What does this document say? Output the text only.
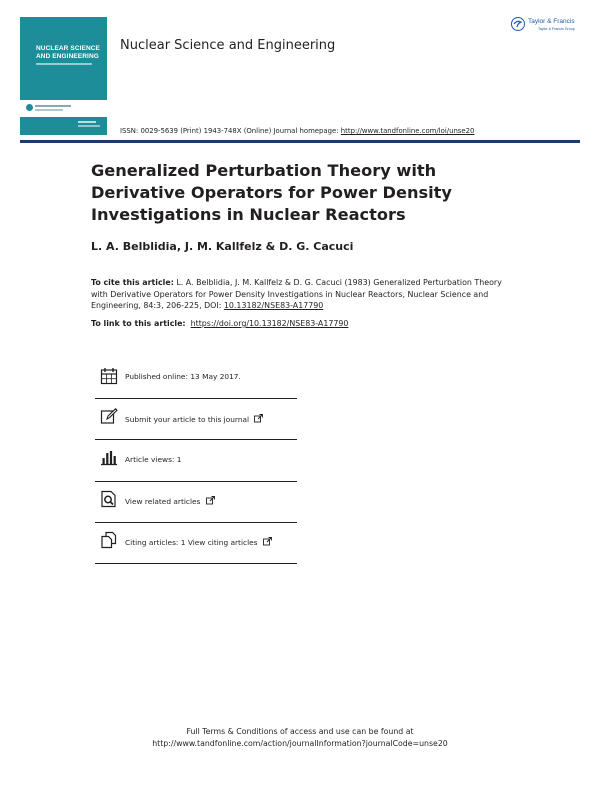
NUCLEAR SCIENCE
AND ENGINEERING
Nuclear Science and Engineering
ISSN: 0029-5639 (Print) 1943-748X (Online) Journal homepage: http://www.tandfonline.com/loi/unse20
Taylor & Francis
Taylor & Francis Group
Generalized Perturbation Theory with Derivative Operators for Power Density Investigations in Nuclear Reactors
L. A. Belblidia, J. M. Kallfelz & D. G. Cacuci
To cite this article: L. A. Belblidia, J. M. Kallfelz & D. G. Cacuci (1983) Generalized Perturbation Theory with Derivative Operators for Power Density Investigations in Nuclear Reactors, Nuclear Science and Engineering, 84:3, 206-225, DOI: 10.13182/NSE83-A17790
To link to this article: https://doi.org/10.13182/NSE83-A17790
Published online: 13 May 2017.
Submit your article to this journal
Article views: 1
View related articles
Citing articles: 1 View citing articles
Full Terms & Conditions of access and use can be found at
http://www.tandfonline.com/action/journalInformation?journalCode=unse20
